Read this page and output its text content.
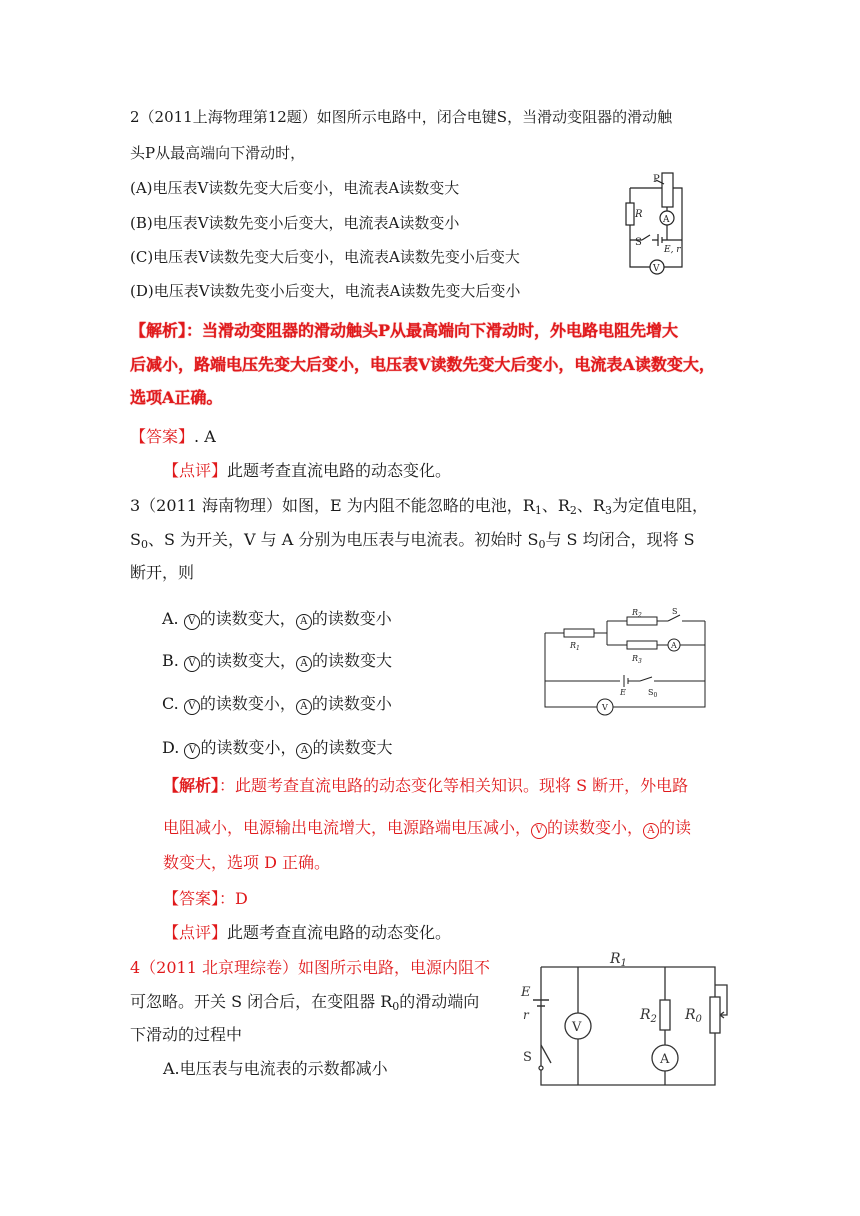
2（2011上海物理第12题）如图所示电路中，闭合电键S，当滑动变阻器的滑动触
头P从最高端向下滑动时，
(A)电压表V读数先变大后变小，电流表A读数变大
(B)电压表V读数先变小后变大，电流表A读数变小
(C)电压表V读数先变大后变小，电流表A读数先变小后变大
(D)电压表V读数先变小后变大，电流表A读数先变大后变小
P
R A
S
E, r
V
【解析】：当滑动变阻器的滑动触头P从最高端向下滑动时，外电路电阻先增大
后减小，路端电压先变大后变小，电压表V读数先变大后变小，电流表A读数变大，
选项A正确。
【答案】. A
【点评】此题考查直流电路的动态变化。
3（2011 海南物理）如图，E 为内阻不能忽略的电池，$R_1$、$R_2$、$R_3$为定值电阻，
$S_0$、S 为开关，V 与 A 分别为电压表与电流表。初始时 $S_0$与 S 均闭合，现将 S
断开，则
A. V 的读数变大， A 的读数变小
B. V 的读数变大， A 的读数变大
C. V 的读数变小， A 的读数变小
D. V 的读数变小， A 的读数变大
$R_2$	S
$R_1$
$R_3$
A
E	$S_0$
V
【解析】：此题考查直流电路的动态变化等相关知识。现将 S 断开，外电路
电阻减小，电源输出电流增大，电源路端电压减小， V 的读数变小， A 的读
数变大，选项 D 正确。
【答案】：D
【点评】此题考查直流电路的动态变化。
4（2011 北京理综卷）如图所示电路，电源内阻不
可忽略。开关 S 闭合后，在变阻器 $R_0$的滑动端向
下滑动的过程中
A.电压表与电流表的示数都减小
$R_1$
E
r
V
$R_2$ $R_0$
A
S
